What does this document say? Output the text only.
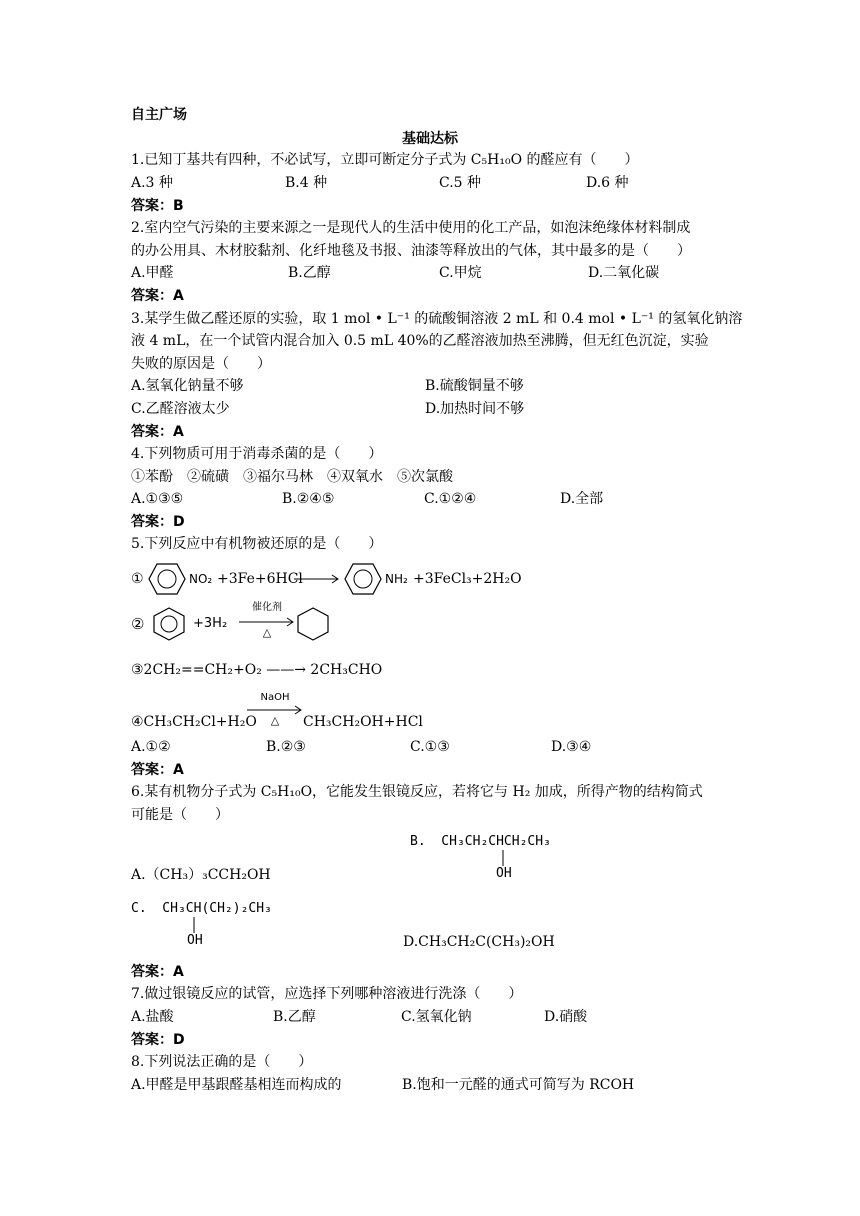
自主广场
基础达标
1.已知丁基共有四种，不必试写，立即可断定分子式为 C₅H₁₀O 的醛应有（　　）
A.3 种	B.4 种	C.5 种	D.6 种
答案：B
2.室内空气污染的主要来源之一是现代人的生活中使用的化工产品，如泡沫绝缘体材料制成
的办公用具、木材胶黏剂、化纤地毯及书报、油漆等释放出的气体，其中最多的是（　　）
A.甲醛	B.乙醇	C.甲烷	D.二氧化碳
答案：A
3.某学生做乙醛还原的实验，取 1 mol • L⁻¹ 的硫酸铜溶液 2 mL 和 0.4 mol • L⁻¹ 的氢氧化钠溶
液 4 mL，在一个试管内混合加入 0.5 mL 40%的乙醛溶液加热至沸腾，但无红色沉淀，实验
失败的原因是（　　）
A.氢氧化钠量不够	B.硫酸铜量不够
C.乙醛溶液太少	D.加热时间不够
答案：A
4.下列物质可用于消毒杀菌的是（　　）
①苯酚　②硫磺　③福尔马林　④双氧水　⑤次氯酸
A.①③⑤	B.②④⑤	C.①②④	D.全部
答案：D
5.下列反应中有机物被还原的是（　　）
①	NO₂ +3Fe+6HCl	NH₂ +3FeCl₃+2H₂O
②	+3H₂
催化剂
△
③2CH₂==CH₂+O₂ ——→ 2CH₃CHO
④CH₃CH₂Cl+H₂O
NaOH
△	CH₃CH₂OH+HCl
A.①②	B.②③	C.①③	D.③④
答案：A
6.某有机物分子式为 C₅H₁₀O，它能发生银镜反应，若将它与 H₂ 加成，所得产物的结构简式
可能是（　　）
B.  CH₃CH₂CHCH₂CH₃
OH
A.（CH₃）₃CCH₂OH
C.  CH₃CH(CH₂)₂CH₃
OH	D.CH₃CH₂C(CH₃)₂OH
答案：A
7.做过银镜反应的试管，应选择下列哪种溶液进行洗涤（　　）
A.盐酸	B.乙醇	C.氢氧化钠	D.硝酸
答案：D
8.下列说法正确的是（　　）
A.甲醛是甲基跟醛基相连而构成的	B.饱和一元醛的通式可简写为 RCOH
